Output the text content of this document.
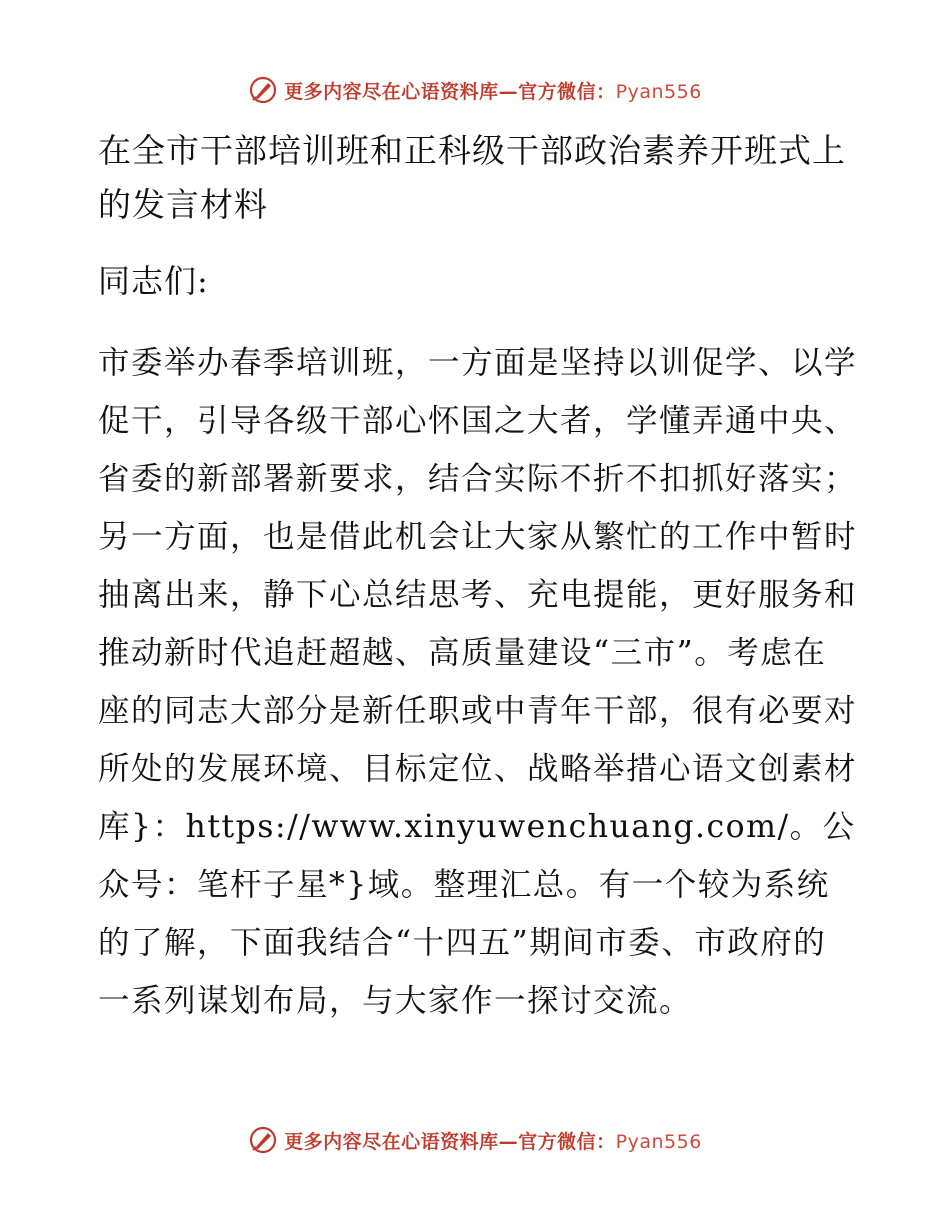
更多内容尽在心语资料库—官方微信：Pyan556
在全市干部培训班和正科级干部政治素养开班式上的发言材料

同志们:

市委举办春季培训班，一方面是坚持以训促学、以学促干，引导各级干部心怀国之大者，学懂弄通中央、省委的新部署新要求，结合实际不折不扣抓好落实；另一方面，也是借此机会让大家从繁忙的工作中暂时抽离出来，静下心总结思考、充电提能，更好服务和推动新时代追赶超越、高质量建设“三市”。考虑在座的同志大部分是新任职或中青年干部，很有必要对所处的发展环境、目标定位、战略举措心语文创素材库}：https://www.xinyuwenchuang.com/。公众号：笔杆子星*}域。整理汇总。有一个较为系统的了解，下面我结合“十四五”期间市委、市政府的一系列谋划布局，与大家作一探讨交流。

更多内容尽在心语资料库—官方微信：Pyan556
